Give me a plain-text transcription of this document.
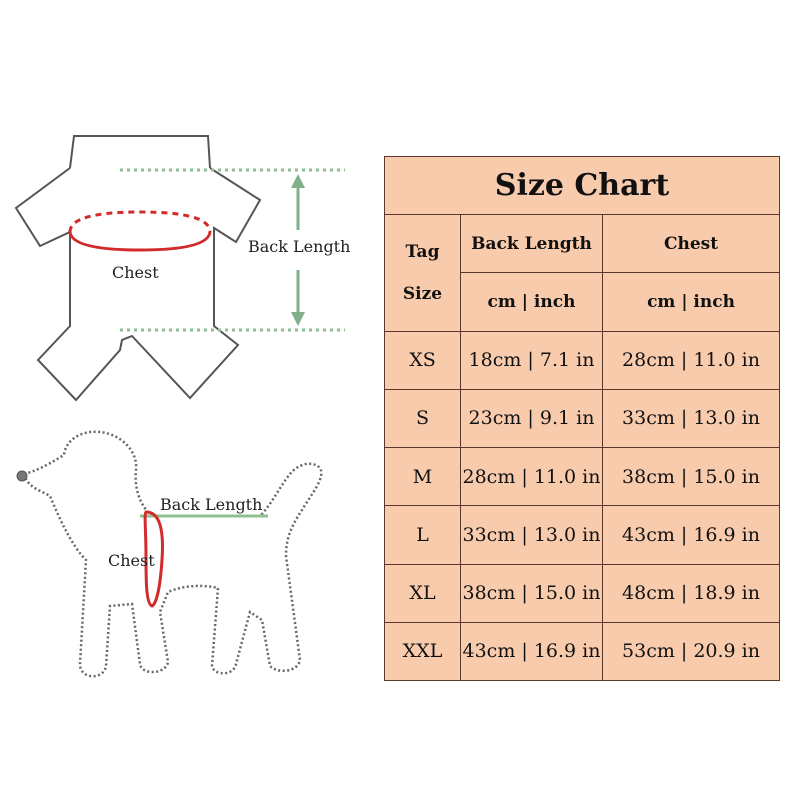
Back Length
Chest
Back Length
Chest
Size Chart		

Tag
Size	Back Length	Chest
	cm | inch	cm | inch
XS	18cm | 7.1 in	28cm | 11.0 in
S	23cm | 9.1 in	33cm | 13.0 in
M	28cm | 11.0 in	38cm | 15.0 in
L	33cm | 13.0 in	43cm | 16.9 in
XL	38cm | 15.0 in	48cm | 18.9 in
XXL	43cm | 16.9 in	53cm | 20.9 in
